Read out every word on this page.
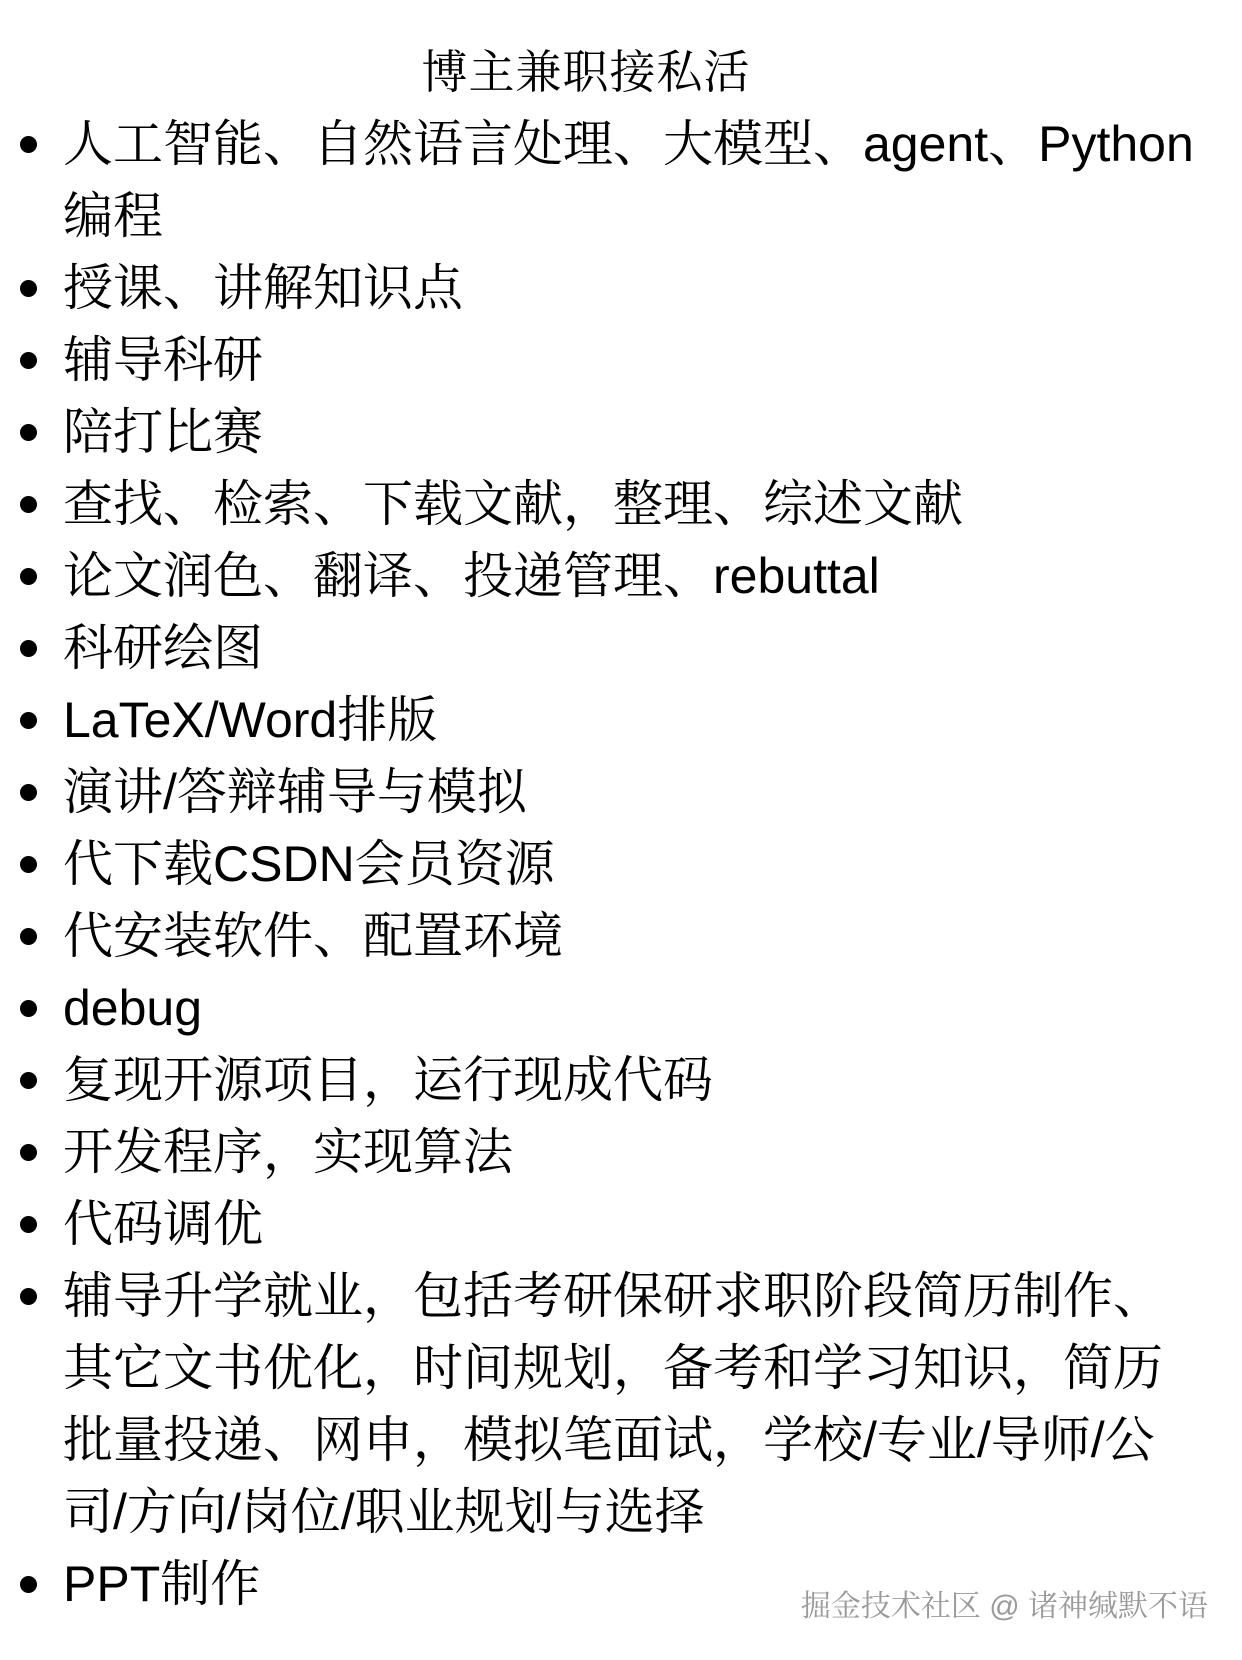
博主兼职接私活
人工智能、自然语言处理、大模型、agent、Python编程
授课、讲解知识点
辅导科研
陪打比赛
查找、检索、下载文献，整理、综述文献
论文润色、翻译、投递管理、rebuttal
科研绘图
LaTeX/Word排版
演讲/答辩辅导与模拟
代下载CSDN会员资源
代安装软件、配置环境
debug
复现开源项目，运行现成代码
开发程序，实现算法
代码调优
辅导升学就业，包括考研保研求职阶段简历制作、其它文书优化，时间规划，备考和学习知识，简历批量投递、网申，模拟笔面试，学校/专业/导师/公司/方向/岗位/职业规划与选择
PPT制作	掘金技术社区 @ 诸神缄默不语
